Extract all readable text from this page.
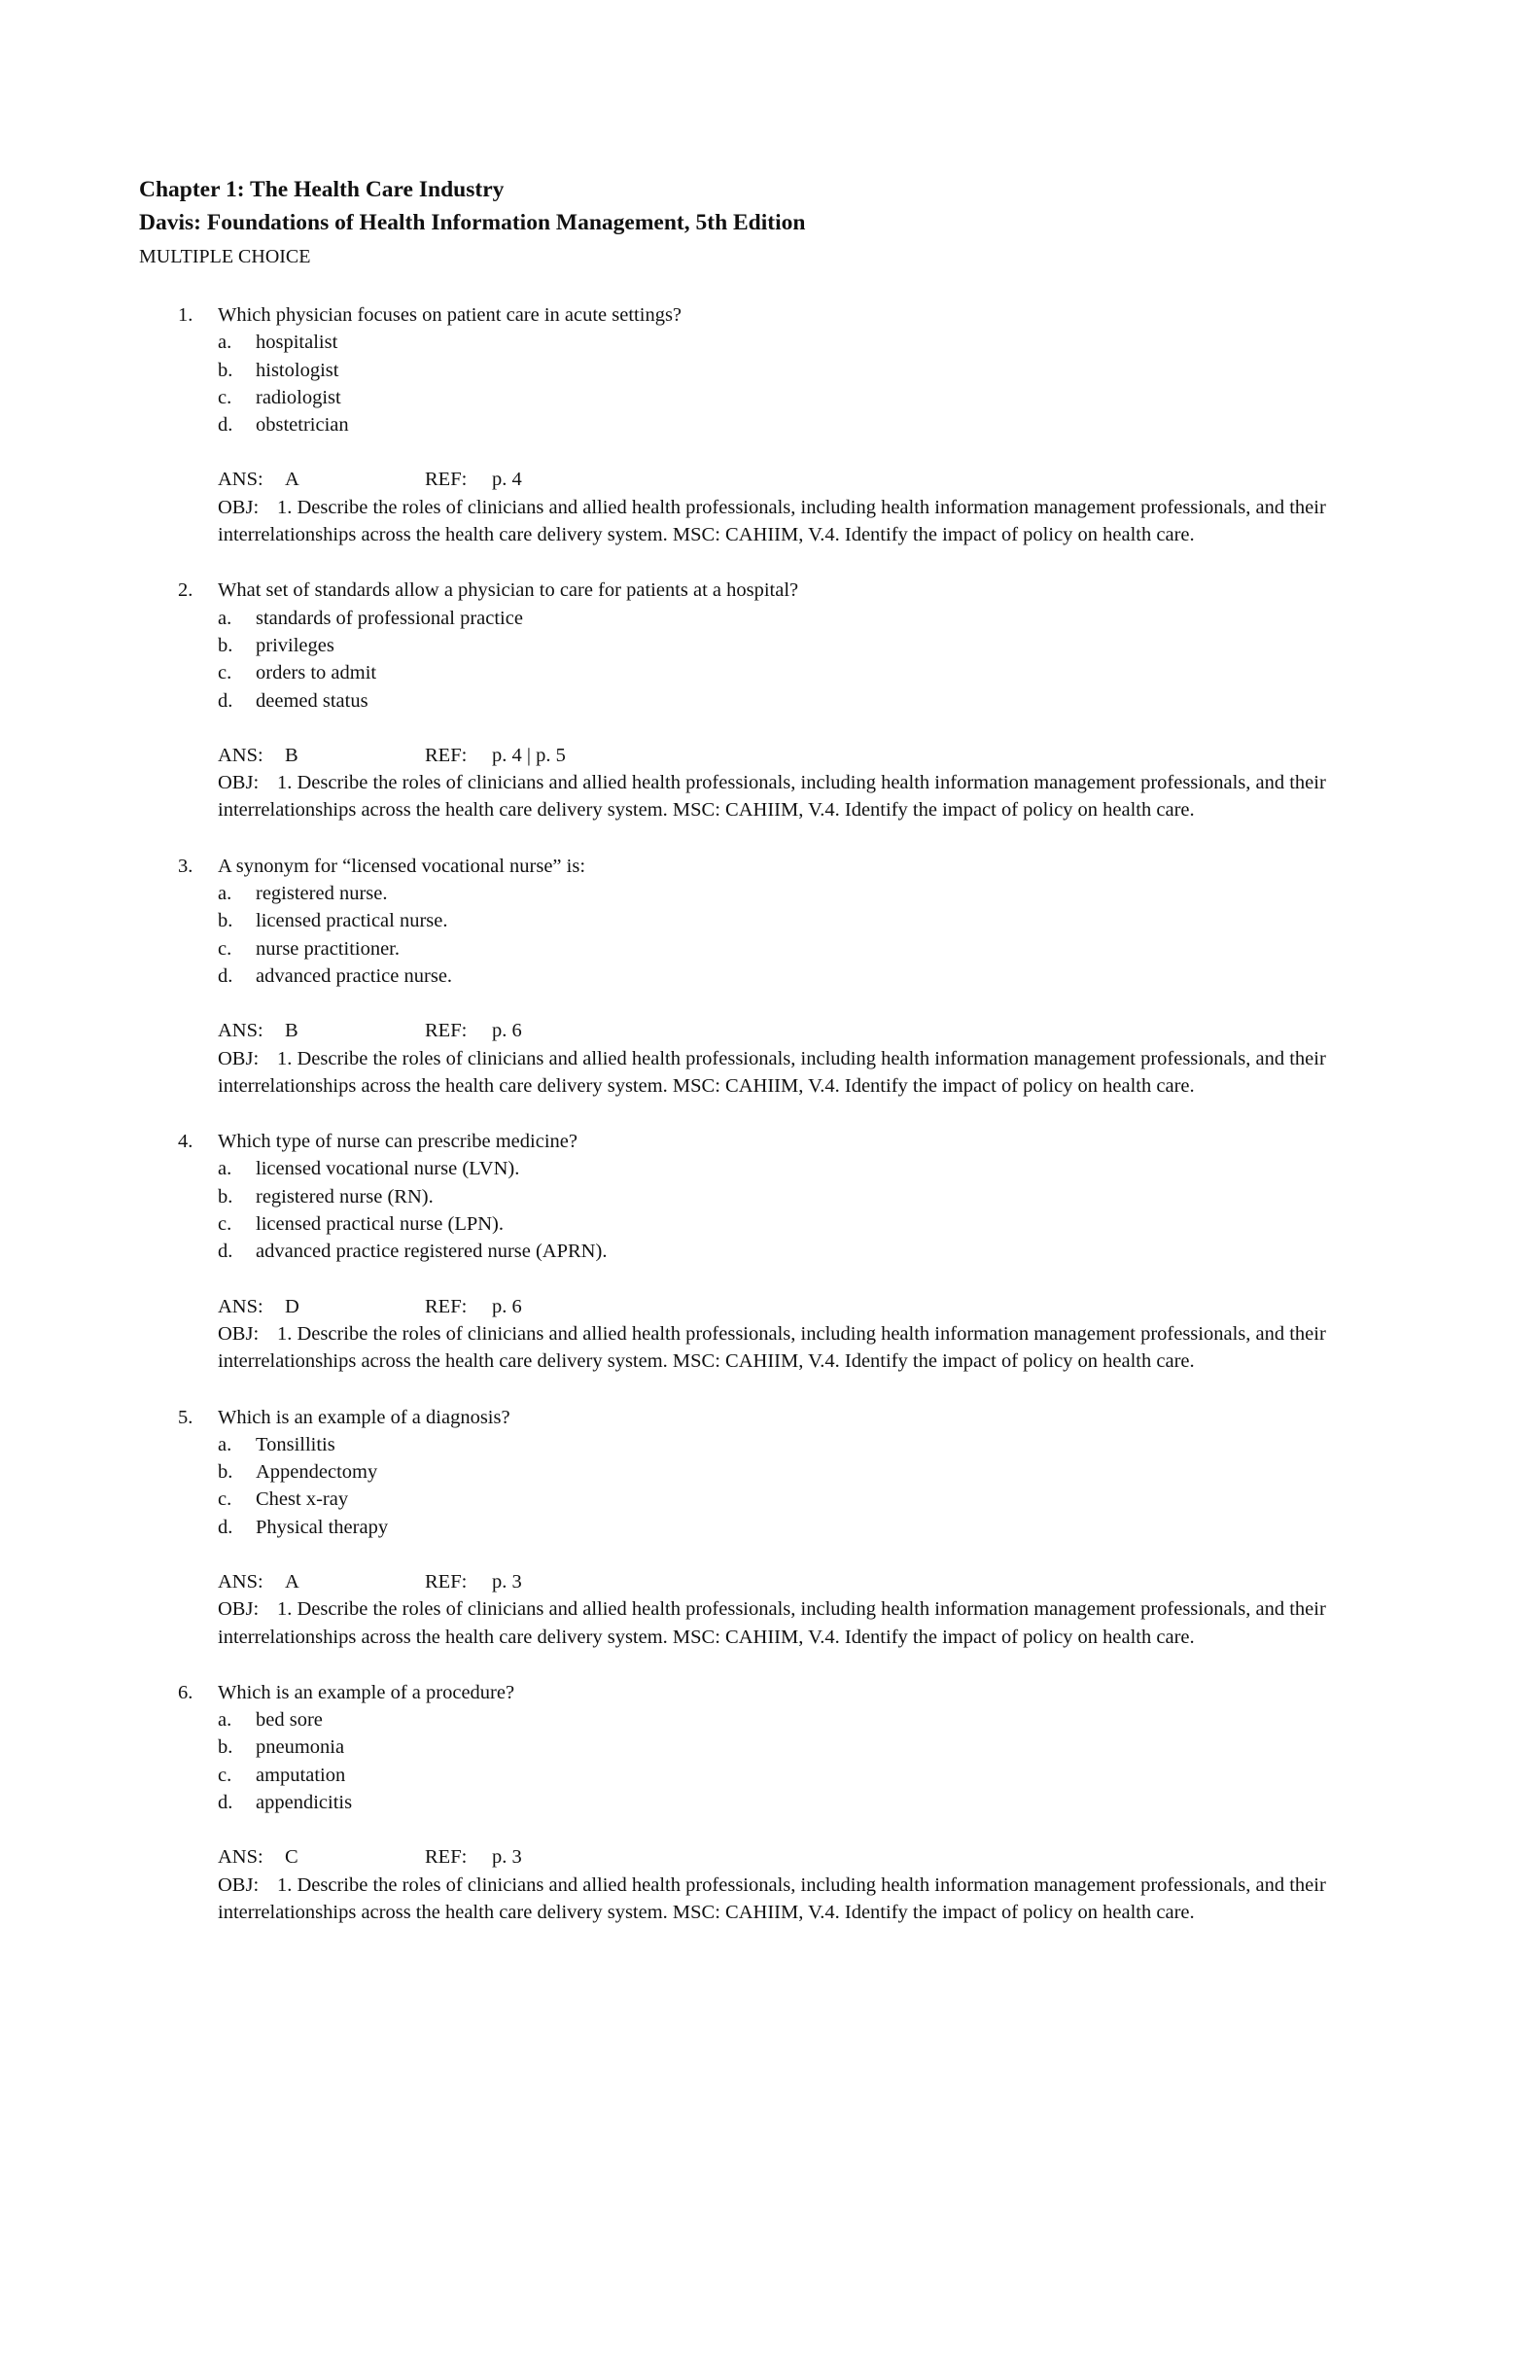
Chapter 1: The Health Care Industry
Davis: Foundations of Health Information Management, 5th Edition
MULTIPLE CHOICE
1. Which physician focuses on patient care in acute settings?
a. hospitalist
b. histologist
c. radiologist
d. obstetrician
ANS: A	REF: p. 4
OBJ: 1. Describe the roles of clinicians and allied health professionals, including health information management professionals, and their interrelationships across the health care delivery system. MSC: CAHIIM, V.4. Identify the impact of policy on health care.
2. What set of standards allow a physician to care for patients at a hospital?
a. standards of professional practice
b. privileges
c. orders to admit
d. deemed status
ANS: B	REF: p. 4 | p. 5
OBJ: 1. Describe the roles of clinicians and allied health professionals, including health information management professionals, and their interrelationships across the health care delivery system. MSC: CAHIIM, V.4. Identify the impact of policy on health care.
3. A synonym for “licensed vocational nurse” is:
a. registered nurse.
b. licensed practical nurse.
c. nurse practitioner.
d. advanced practice nurse.
ANS: B	REF: p. 6
OBJ: 1. Describe the roles of clinicians and allied health professionals, including health information management professionals, and their interrelationships across the health care delivery system. MSC: CAHIIM, V.4. Identify the impact of policy on health care.
4. Which type of nurse can prescribe medicine?
a. licensed vocational nurse (LVN).
b. registered nurse (RN).
c. licensed practical nurse (LPN).
d. advanced practice registered nurse (APRN).
ANS: D	REF: p. 6
OBJ: 1. Describe the roles of clinicians and allied health professionals, including health information management professionals, and their interrelationships across the health care delivery system. MSC: CAHIIM, V.4. Identify the impact of policy on health care.
5. Which is an example of a diagnosis?
a. Tonsillitis
b. Appendectomy
c. Chest x-ray
d. Physical therapy
ANS: A	REF: p. 3
OBJ: 1. Describe the roles of clinicians and allied health professionals, including health information management professionals, and their interrelationships across the health care delivery system. MSC: CAHIIM, V.4. Identify the impact of policy on health care.
6. Which is an example of a procedure?
a. bed sore
b. pneumonia
c. amputation
d. appendicitis
ANS: C	REF: p. 3
OBJ: 1. Describe the roles of clinicians and allied health professionals, including health information management professionals, and their interrelationships across the health care delivery system. MSC: CAHIIM, V.4. Identify the impact of policy on health care.
